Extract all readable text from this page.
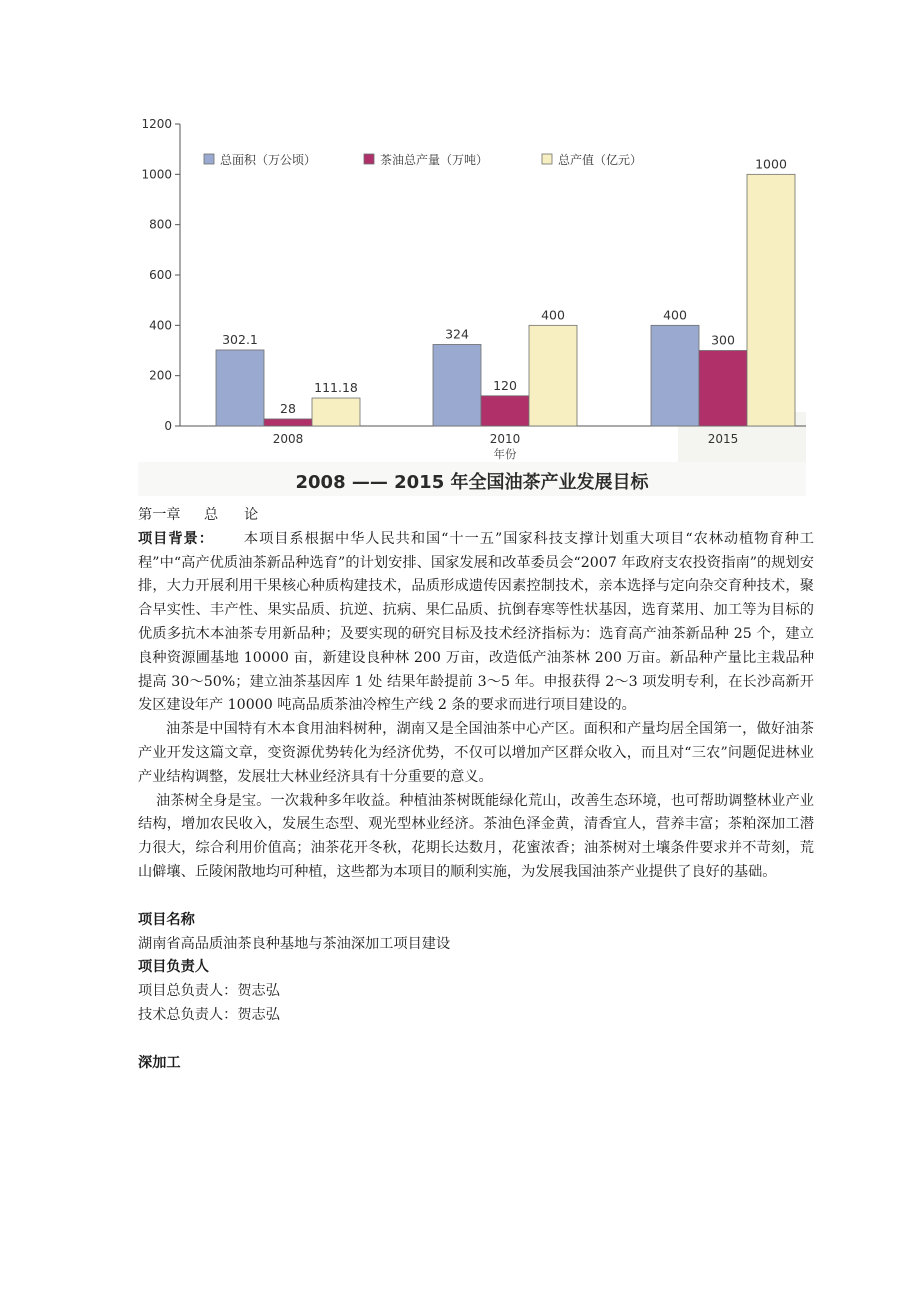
0
200
400
600
800
1000
1200
302.1	324
400
28
120
300
111.18
400
1000
2008	2010	2015
年份
总面积（万公顷）	茶油总产量（万吨）	总产值（亿元）
2008 —— 2015 年全国油茶产业发展目标

第一章 总 论

项目背景： 本项目系根据中华人民共和国“十一五”国家科技支撑计划重大项目“农林动植物育种工程”中“高产优质油茶新品种选育”的计划安排、国家发展和改革委员会“2007 年政府支农投资指南”的规划安排，大力开展利用干果核心种质构建技术，品质形成遗传因素控制技术，亲本选择与定向杂交育种技术，聚合早实性、丰产性、果实品质、抗逆、抗病、果仁品质、抗倒春寒等性状基因，选育菜用、加工等为目标的优质多抗木本油茶专用新品种；及要实现的研究目标及技术经济指标为：选育高产油茶新品种 25 个，建立良种资源圃基地 10000 亩，新建设良种林 200 万亩，改造低产油茶林 200 万亩。新品种产量比主栽品种提高 30～50%；建立油茶基因库 1 处 结果年龄提前 3～5 年。申报获得 2～3 项发明专利，在长沙高新开发区建设年产 10000 吨高品质茶油冷榨生产线 2 条的要求而进行项目建设的。

油茶是中国特有木本食用油料树种，湖南又是全国油茶中心产区。面积和产量均居全国第一，做好油茶产业开发这篇文章，变资源优势转化为经济优势，不仅可以增加产区群众收入，而且对“三农”问题促进林业产业结构调整，发展壮大林业经济具有十分重要的意义。

油茶树全身是宝。一次栽种多年收益。种植油茶树既能绿化荒山，改善生态环境，也可帮助调整林业产业结构，增加农民收入，发展生态型、观光型林业经济。茶油色泽金黄，清香宜人，营养丰富；茶粕深加工潜力很大，综合利用价值高；油茶花开冬秋，花期长达数月，花蜜浓香；油茶树对土壤条件要求并不苛刻，荒山僻壤、丘陵闲散地均可种植，这些都为本项目的顺利实施，为发展我国油茶产业提供了良好的基础。

项目名称

湖南省高品质油茶良种基地与茶油深加工项目建设

项目负责人

项目总负责人：贺志弘

技术总负责人：贺志弘

深加工
